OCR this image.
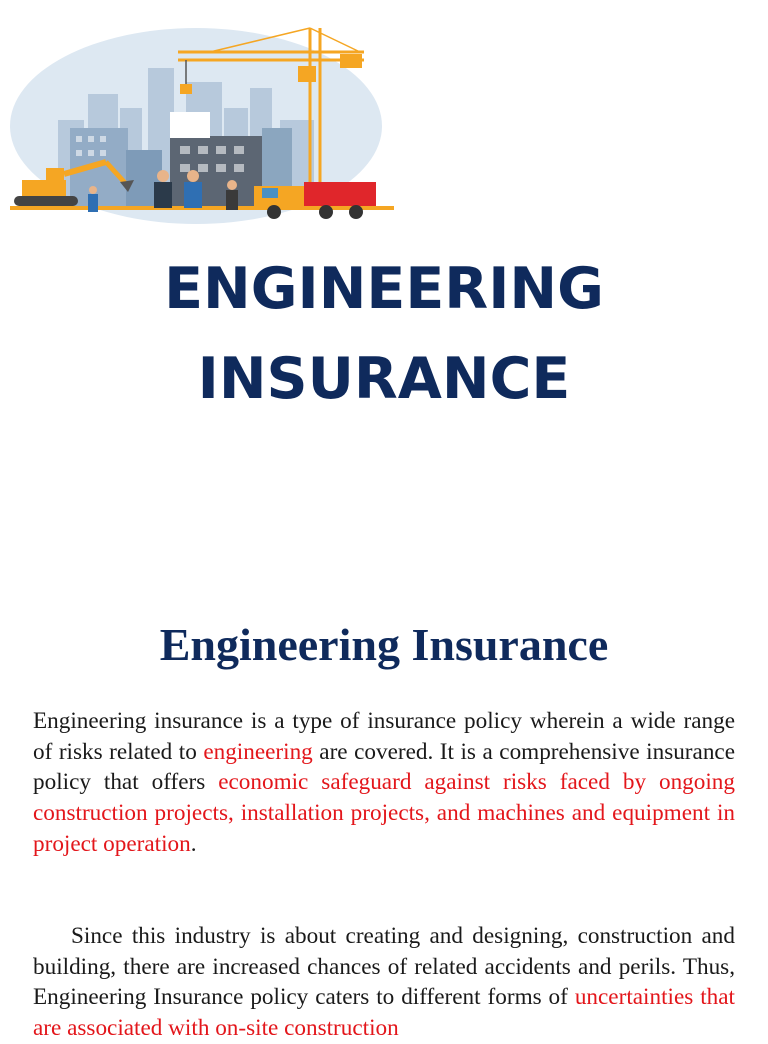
ENGINEERING
INSURANCE
Engineering Insurance

Engineering insurance is a type of insurance policy wherein a wide range of risks related to engineering are covered. It is a comprehensive insurance policy that offers economic safeguard against risks faced by ongoing construction projects, installation projects, and machines and equipment in project operation.

Since this industry is about creating and designing, construction and building, there are increased chances of related accidents and perils. Thus, Engineering Insurance policy caters to different forms of uncertainties that are associated with on-site construction
